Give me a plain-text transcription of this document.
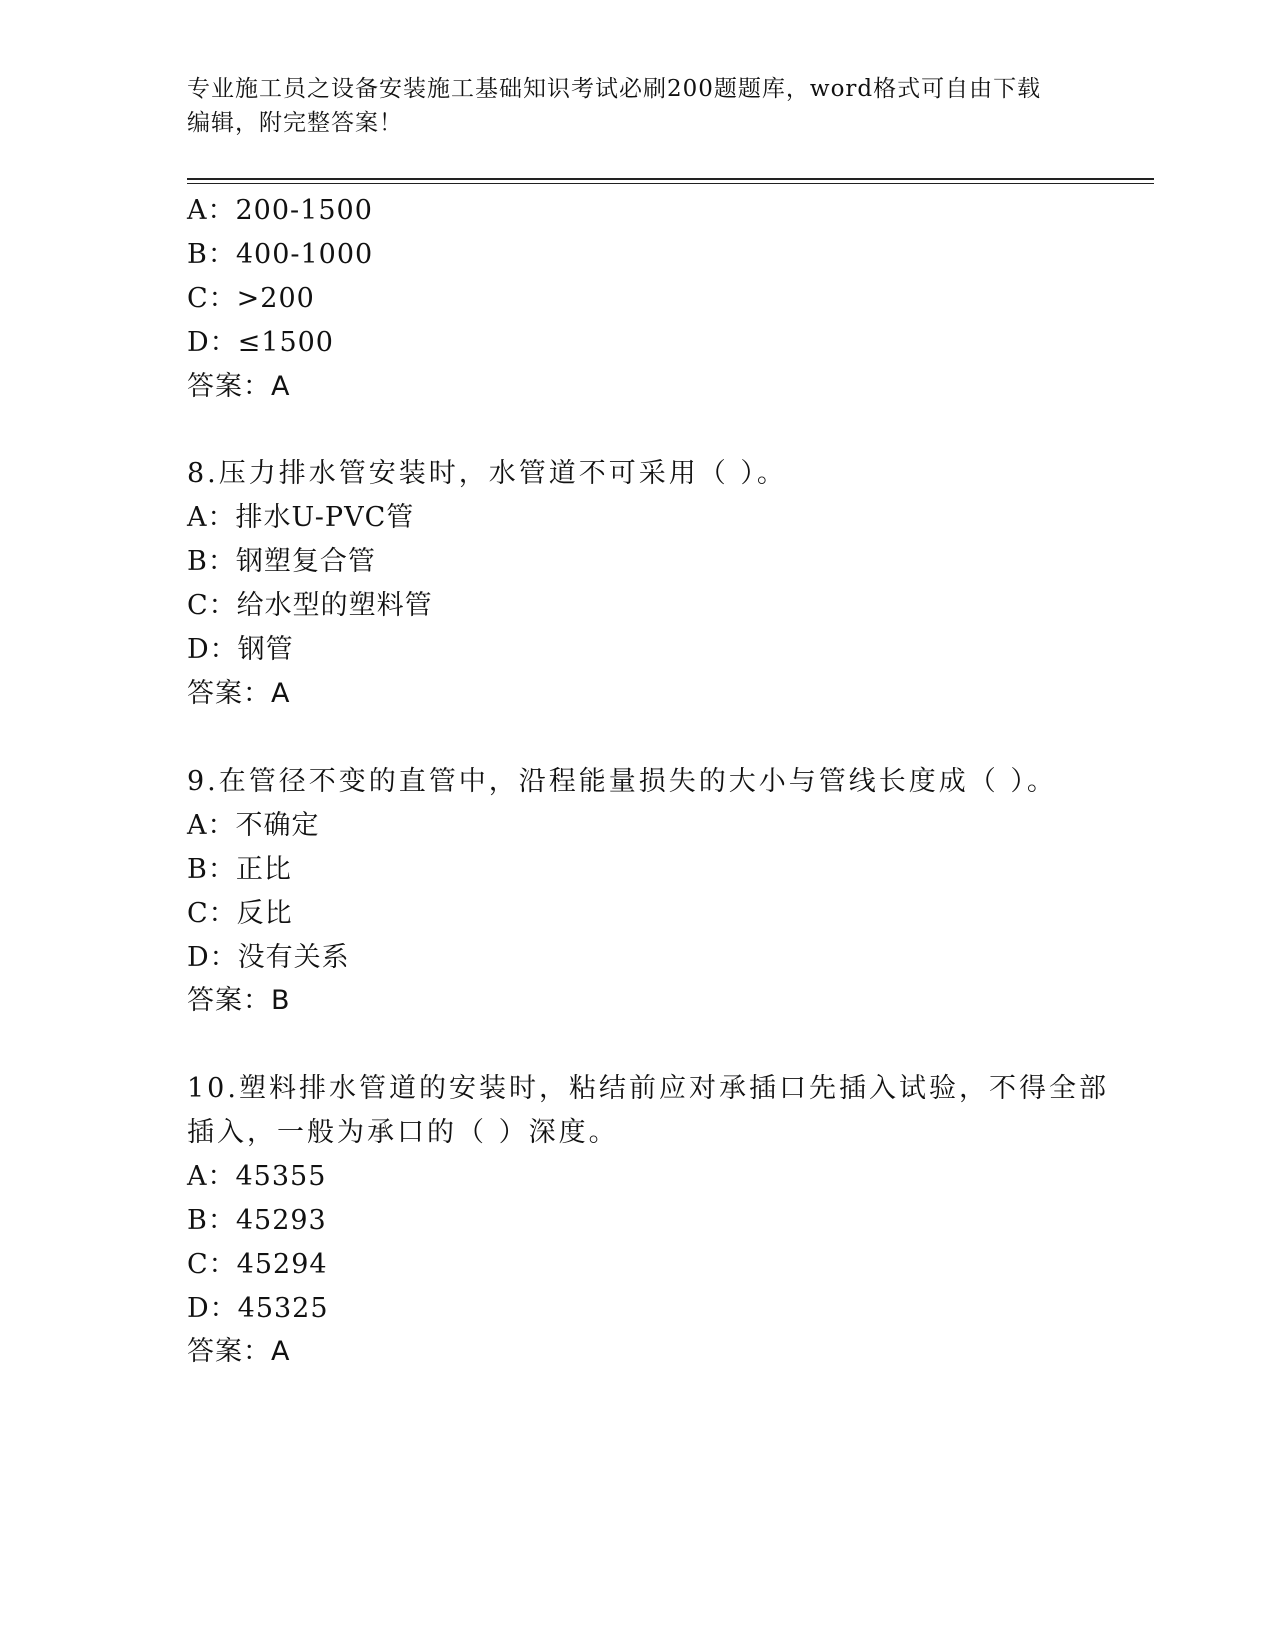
专业施工员之设备安装施工基础知识考试必刷200题题库，word格式可自由下载
编辑，附完整答案！
A：200-1500
B：400-1000
C：>200
D：≤1500
答案：A
8.压力排水管安装时，水管道不可采用（ ）。
A：排水U-PVC管
B：钢塑复合管
C：给水型的塑料管
D：钢管
答案：A
9.在管径不变的直管中，沿程能量损失的大小与管线长度成（ ）。
A：不确定
B：正比
C：反比
D：没有关系
答案：B
10.塑料排水管道的安装时，粘结前应对承插口先插入试验，不得全部
插入，一般为承口的（ ）深度。
A：45355
B：45293
C：45294
D：45325
答案：A
